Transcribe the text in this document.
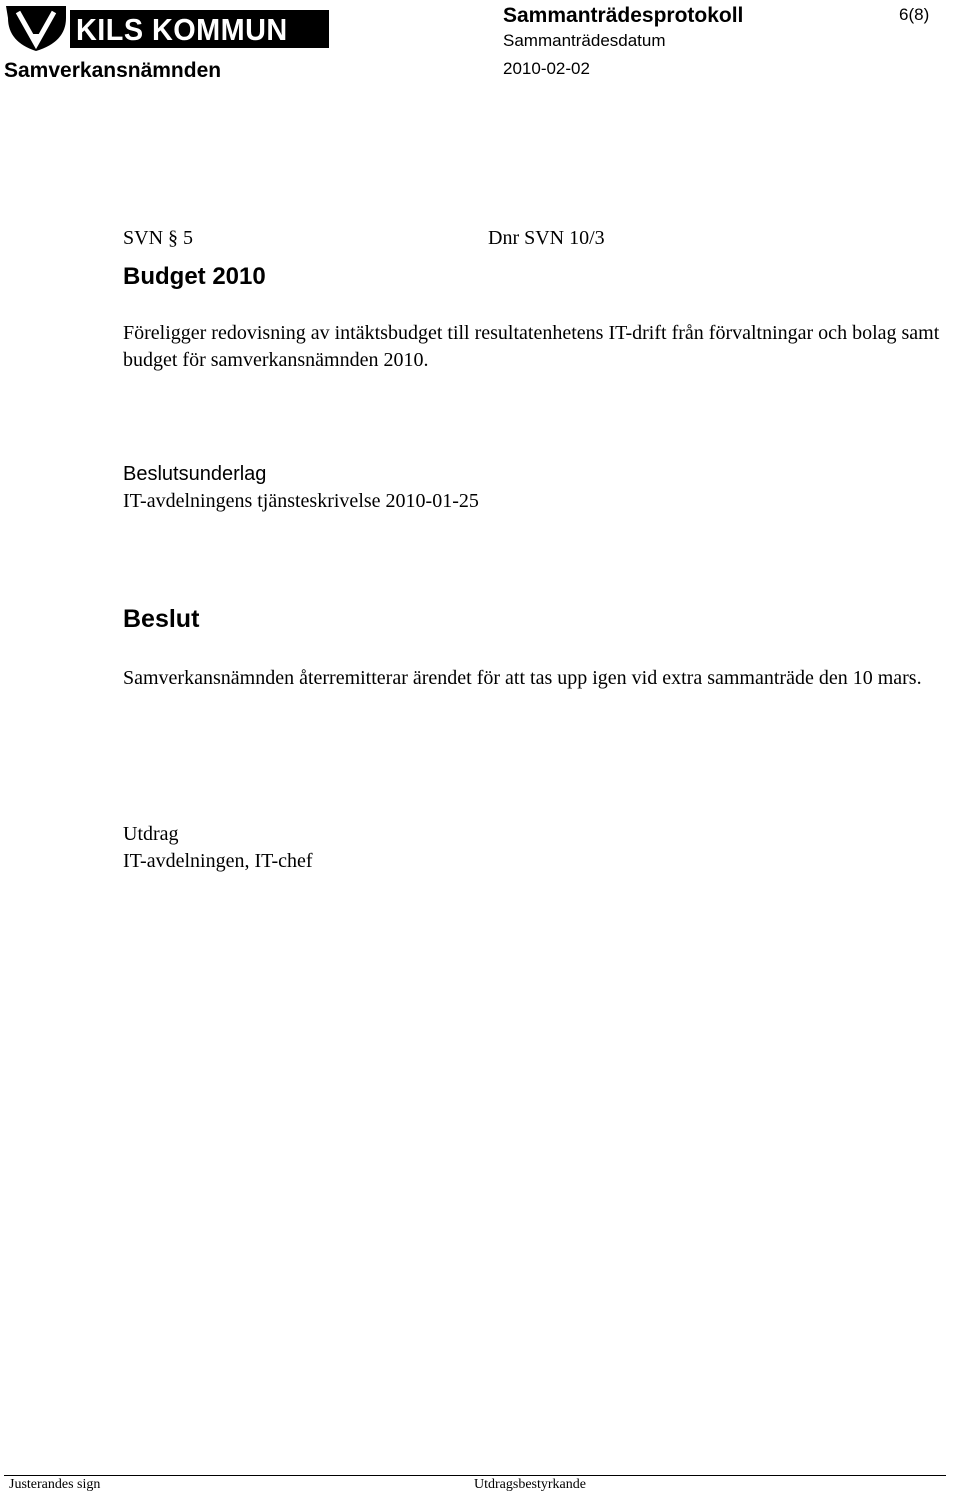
KILS KOMMUN
Samverkansnämnden
Sammanträdesprotokoll
Sammanträdesdatum
2010-02-02
6(8)
SVN § 5	Dnr SVN 10/3
Budget 2010
Föreligger redovisning av intäktsbudget till resultatenhetens IT-drift från förvaltningar och bolag samt budget för samverkansnämnden 2010.
Beslutsunderlag
IT-avdelningens tjänsteskrivelse 2010-01-25
Beslut
Samverkansnämnden återremitterar ärendet för att tas upp igen vid extra sammanträde den 10 mars.
Utdrag
IT-avdelningen, IT-chef
Justerandes sign	Utdragsbestyrkande
